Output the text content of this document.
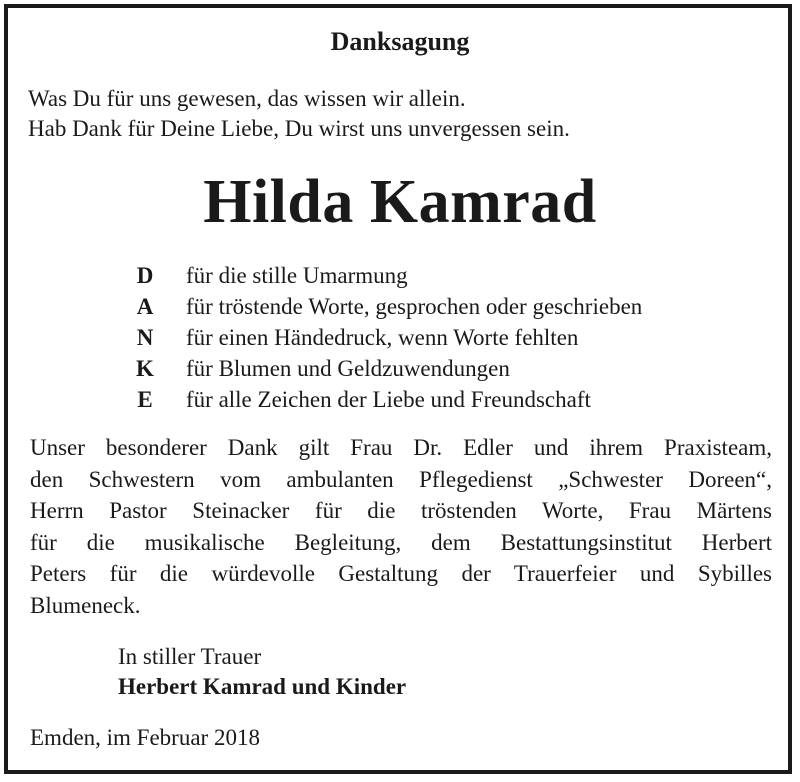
Danksagung
Was Du für uns gewesen, das wissen wir allein.
Hab Dank für Deine Liebe, Du wirst uns unvergessen sein.
Hilda Kamrad
D	für die stille Umarmung
A	für tröstende Worte, gesprochen oder geschrieben
N	für einen Händedruck, wenn Worte fehlten
K	für Blumen und Geldzuwendungen
E	für alle Zeichen der Liebe und Freundschaft
Unser besonderer Dank gilt Frau Dr. Edler und ihrem Praxisteam,
den Schwestern vom ambulanten Pflegedienst „Schwester Doreen“,
Herrn Pastor Steinacker für die tröstenden Worte, Frau Märtens
für die musikalische Begleitung, dem Bestattungsinstitut Herbert
Peters für die würdevolle Gestaltung der Trauerfeier und Sybilles
Blumeneck.
In stiller Trauer
Herbert Kamrad und Kinder
Emden, im Februar 2018
